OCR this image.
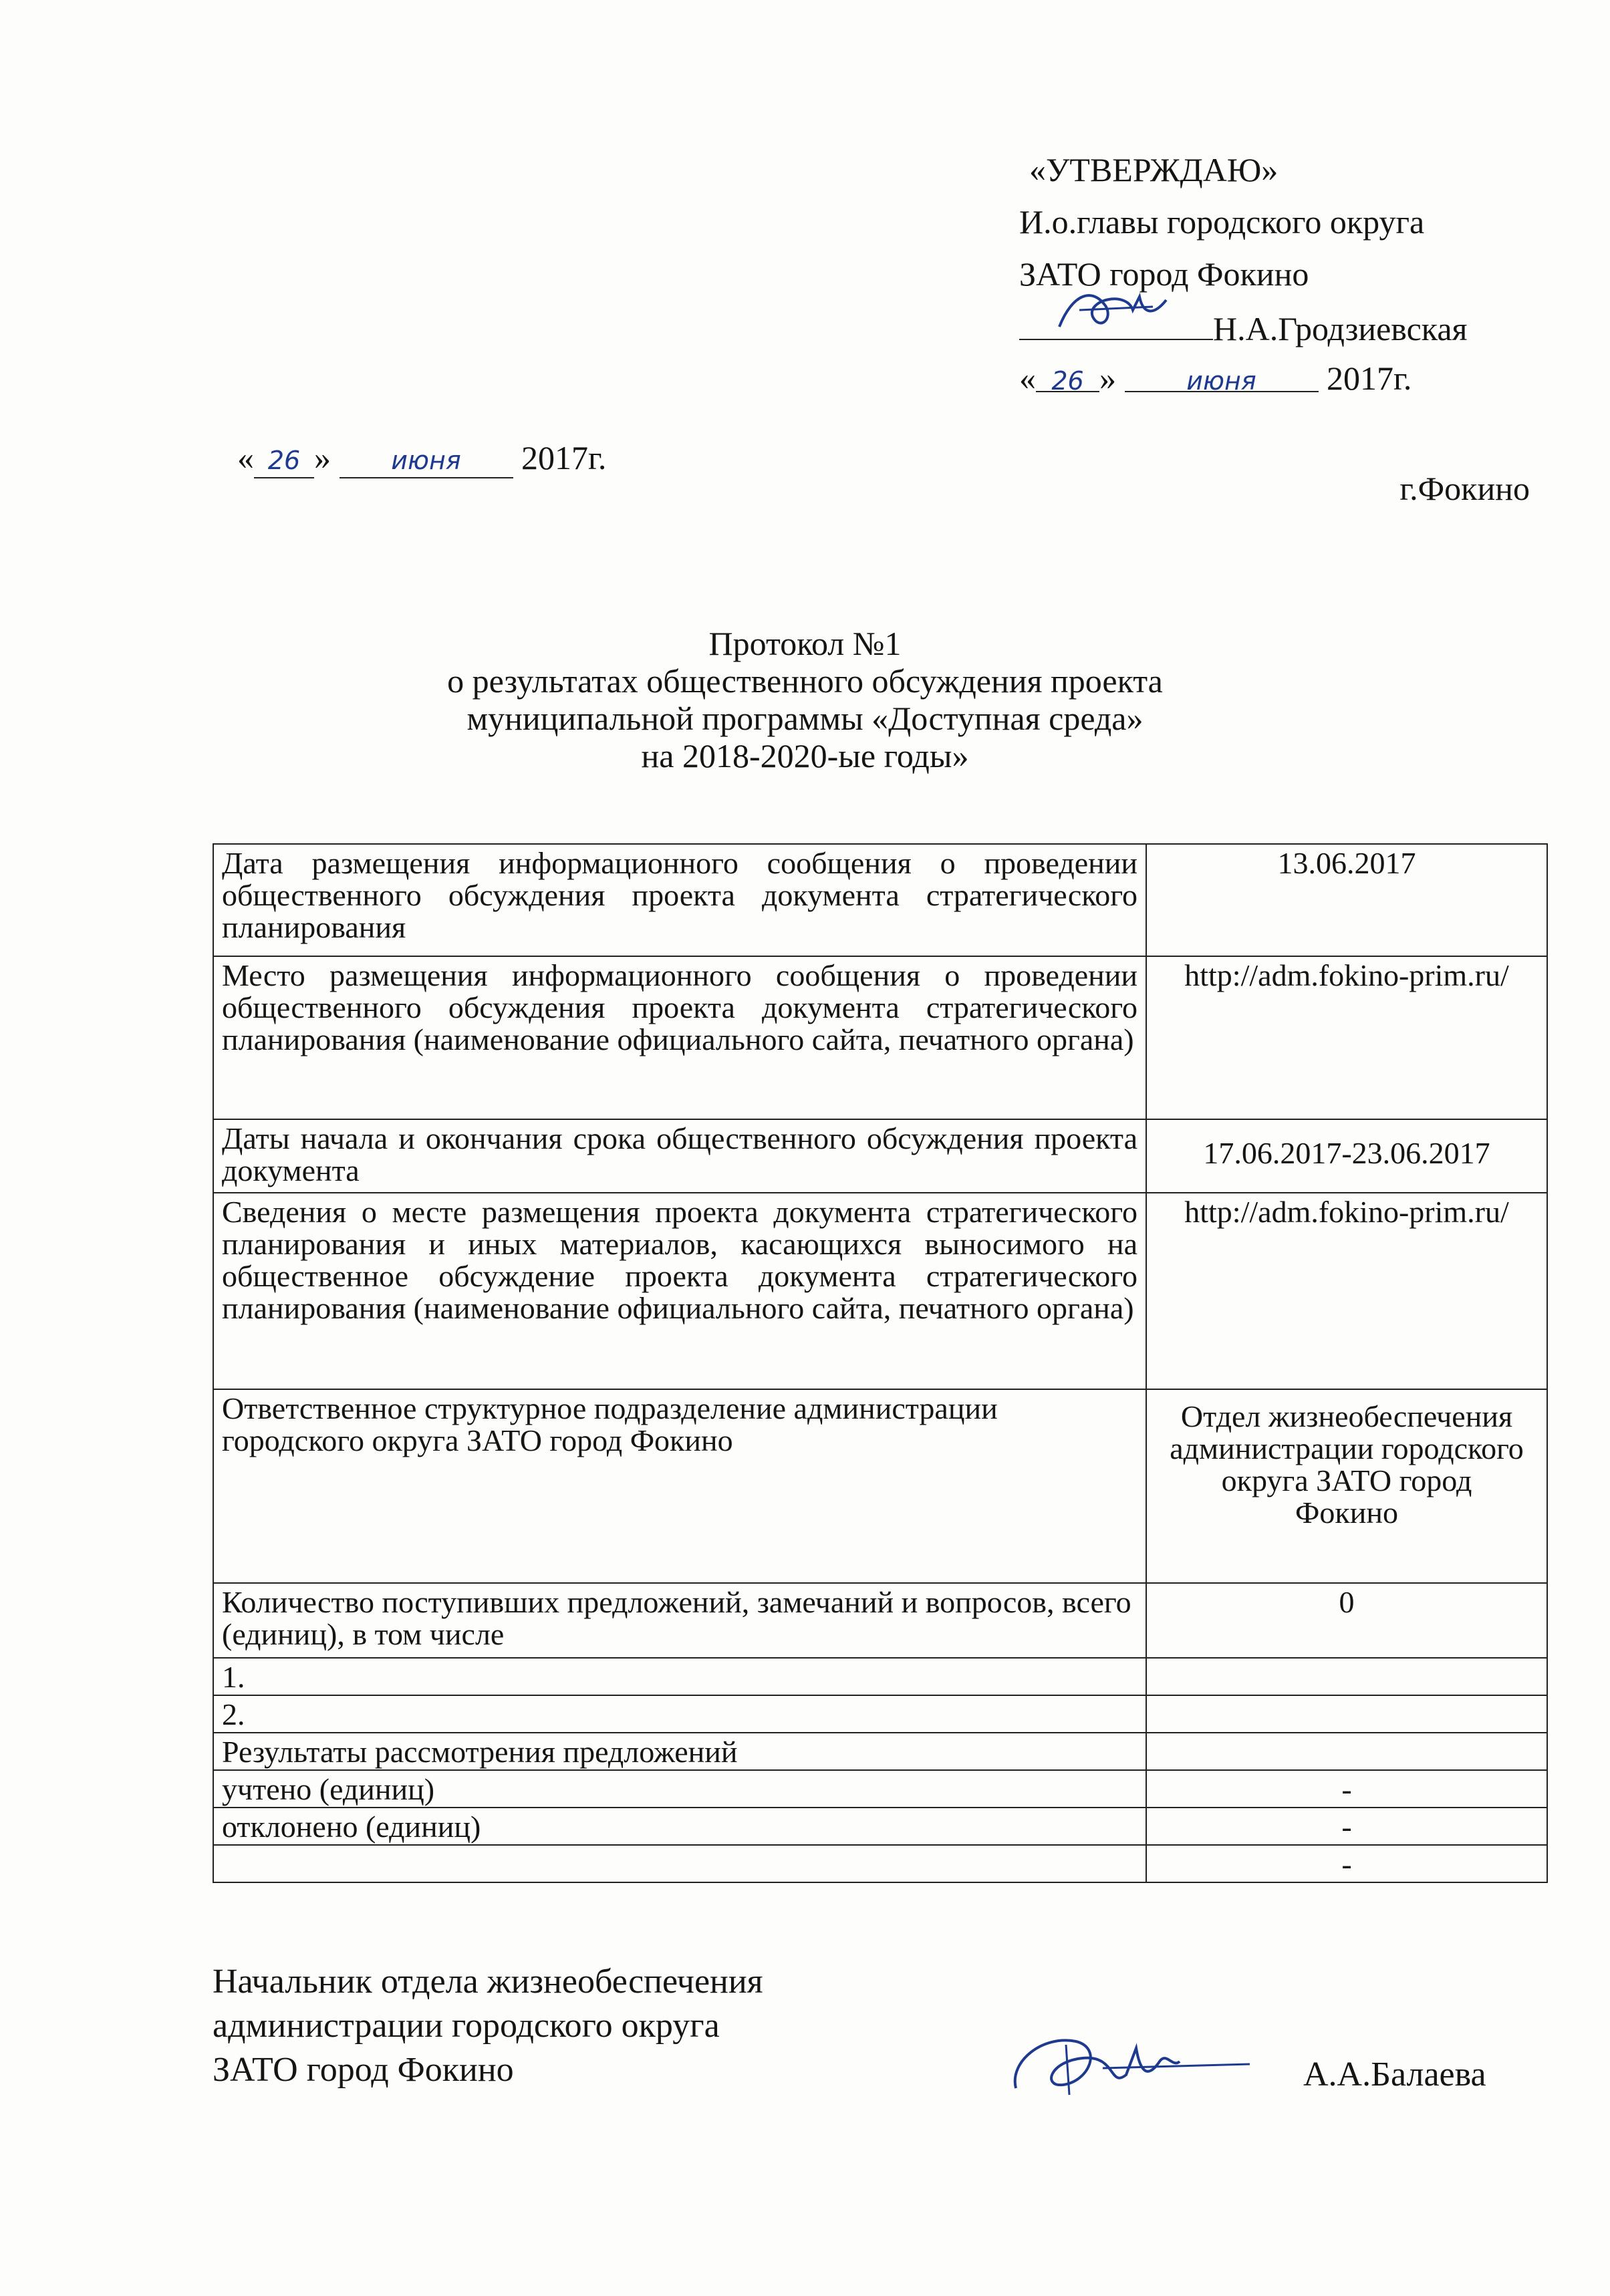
«УТВЕРЖДАЮ»
И.о.главы городского округа
ЗАТО город Фокино
Н.А.Гродзиевская
« 26 »	июня 2017г.
« 26 » июня 2017г.
г.Фокино
Протокол №1
о результатах общественного обсуждения проекта
муниципальной программы «Доступная среда»
на 2018-2020-ые годы»
Дата размещения информационного сообщения о проведении общественного обсуждения проекта документа стратегического планирования	13.06.2017
Место размещения информационного сообщения о проведении общественного обсуждения проекта документа стратегического планирования (наименование официального сайта, печатного органа)	http://adm.fokino-prim.ru/
Даты начала и окончания срока общественного обсуждения проекта документа	17.06.2017-23.06.2017
Сведения о месте размещения проекта документа стратегического планирования и иных материалов, касающихся выносимого на общественное обсуждение проекта документа стратегического планирования (наименование официального сайта, печатного органа)	http://adm.fokino-prim.ru/
Ответственное структурное подразделение администрации городского округа ЗАТО город Фокино	Отдел жизнеобеспечения администрации городского округа ЗАТО город Фокино
Количество поступивших предложений, замечаний и вопросов, всего (единиц), в том числе	0
1.	
2.	
Результаты рассмотрения предложений	
учтено (единиц)	-
отклонено (единиц)	-
	-
Начальник отдела жизнеобеспечения
администрации городского округа
ЗАТО город Фокино	А.А.Балаева
